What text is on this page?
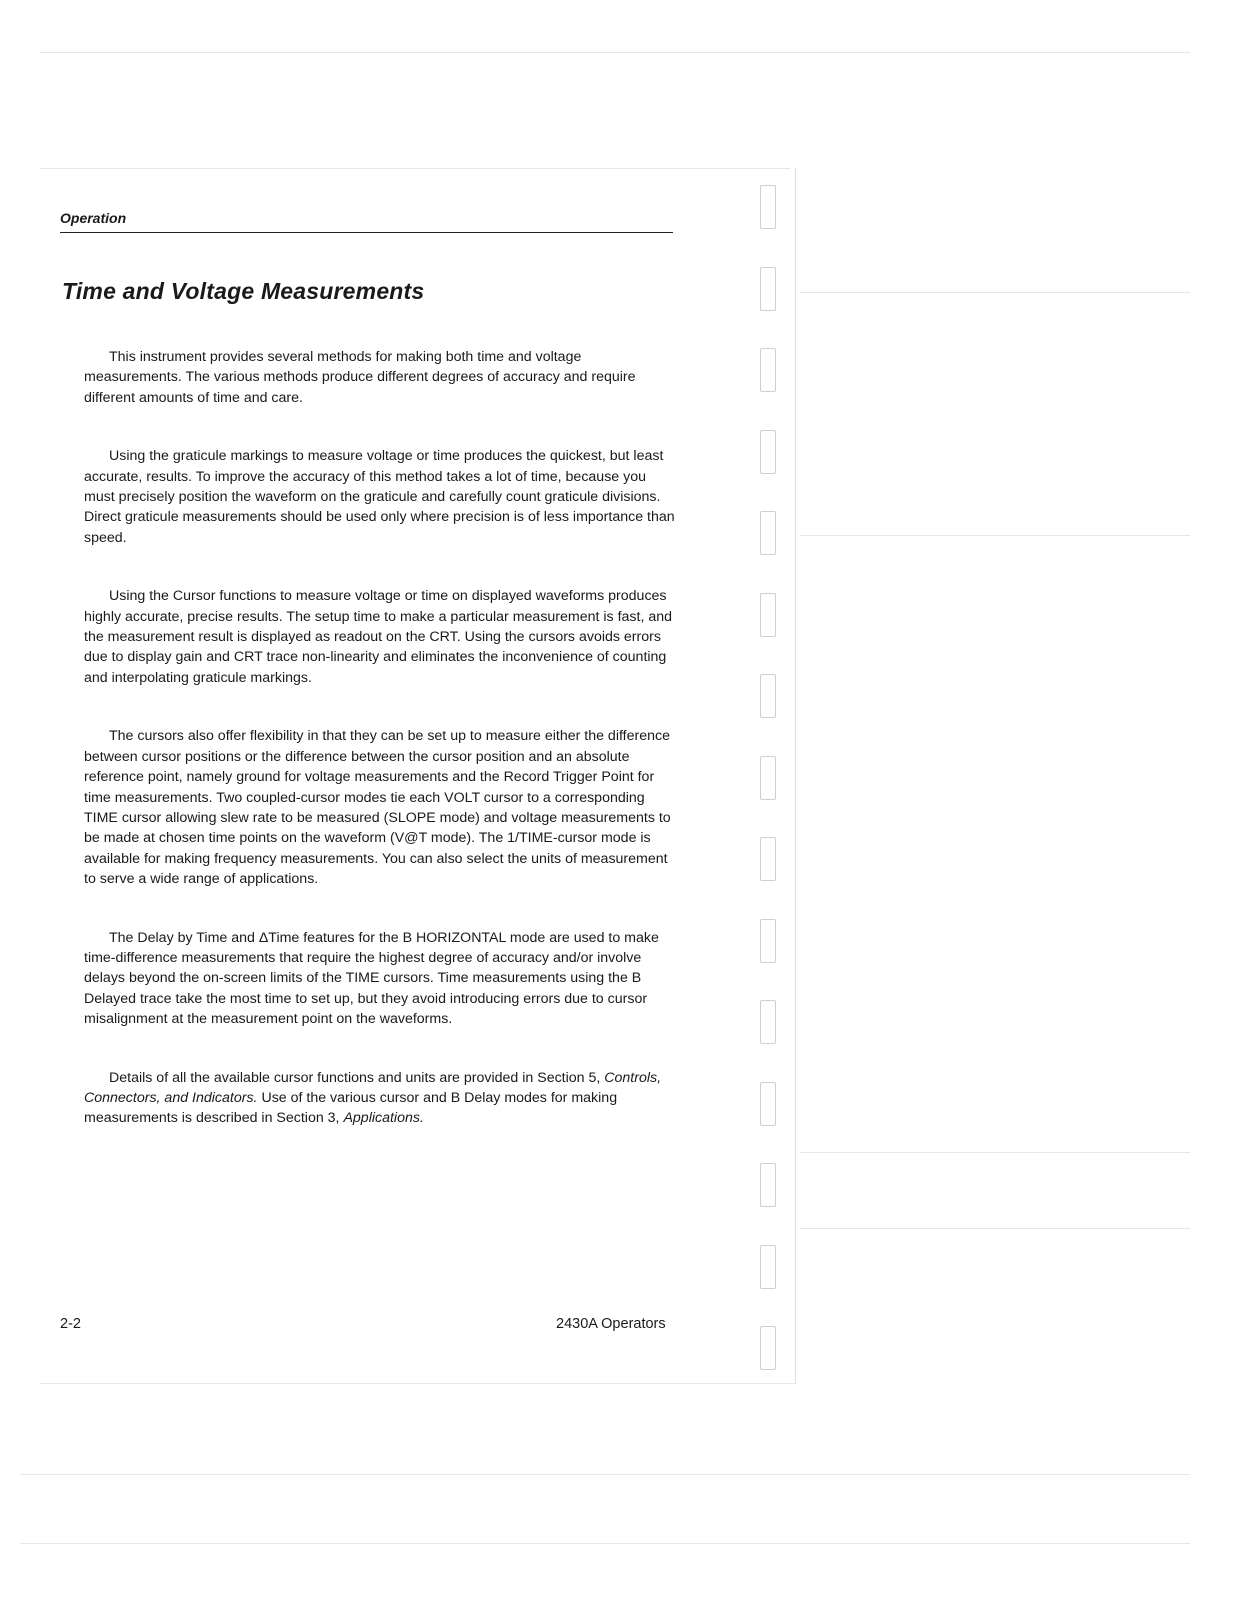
Operation
Time and Voltage Measurements

This instrument provides several methods for making both time and voltage measurements. The various methods produce different degrees of accuracy and require different amounts of time and care.

Using the graticule markings to measure voltage or time produces the quickest, but least accurate, results. To improve the accuracy of this method takes a lot of time, because you must precisely position the waveform on the graticule and carefully count graticule divisions. Direct graticule measurements should be used only where precision is of less importance than speed.

Using the Cursor functions to measure voltage or time on displayed waveforms produces highly accurate, precise results. The setup time to make a particular measurement is fast, and the measurement result is displayed as readout on the CRT. Using the cursors avoids errors due to display gain and CRT trace non-linearity and eliminates the inconvenience of counting and interpolating graticule markings.

The cursors also offer flexibility in that they can be set up to measure either the difference between cursor positions or the difference between the cursor position and an absolute reference point, namely ground for voltage measurements and the Record Trigger Point for time measurements. Two coupled-cursor modes tie each VOLT cursor to a corresponding TIME cursor allowing slew rate to be measured (SLOPE mode) and voltage measurements to be made at chosen time points on the waveform (V@T mode). The 1/TIME-cursor mode is available for making frequency measurements. You can also select the units of measurement to serve a wide range of applications.

The Delay by Time and ΔTime features for the B HORIZONTAL mode are used to make time-difference measurements that require the highest degree of accuracy and/or involve delays beyond the on-screen limits of the TIME cursors. Time measurements using the B Delayed trace take the most time to set up, but they avoid introducing errors due to cursor misalignment at the measurement point on the waveforms.

Details of all the available cursor functions and units are provided in Section 5, Controls, Connectors, and Indicators. Use of the various cursor and B Delay modes for making measurements is described in Section 3, Applications.

2-2	2430A Operators
